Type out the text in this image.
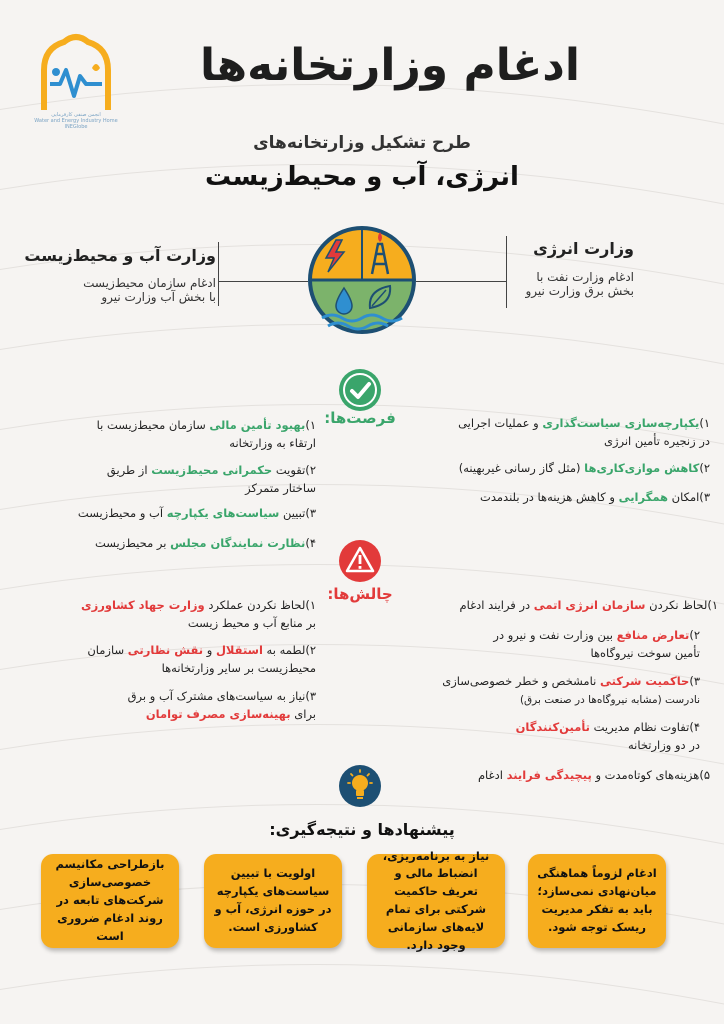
انجمن صنفی کارفرمایی
Water and Energy Industry Home INEGlobe
ادغام وزارتخانه‌ها
طرح تشکیل وزارتخانه‌های
انرژی، آب و محیط‌زیست
وزارت انرژی
ادغام وزارت نفت با
بخش برق وزارت نیرو
وزارت آب و محیط‌زیست
ادغام سازمان محیط‌زیست
با بخش آب وزارت نیرو
فرصت‌ها:	۱)یکپارچه‌سازی سیاست‌گذاری و عملیات اجرایی
در زنجیره تأمین انرژی
۲)کاهش موازی‌کاری‌ها (مثل گاز رسانی غیربهینه)
۳)امکان همگرایی و کاهش هزینه‌ها در بلندمدت
۱)بهبود تأمین مالی سازمان محیط‌زیست با
ارتقاء به وزارتخانه
۲)تقویت حکمرانی محیط‌زیست از طریق
ساختار متمرکز
۳)تبیین سیاست‌های یکپارچه آب و محیط‌زیست
۴)نظارت نمایندگان مجلس بر محیط‌زیست
چالش‌ها:
۱)لحاظ نکردن سازمان انرژی اتمی در فرایند ادغام
۲)تعارض منافع بین وزارت نفت و نیرو در
تأمین سوخت نیروگاه‌ها
۳)حاکمیت شرکتی نامشخص و خطر خصوصی‌سازی
نادرست (مشابه نیروگاه‌ها در صنعت برق)
۴)تفاوت نظام مدیریت تأمین‌کنندگان
در دو وزارتخانه
۵)هزینه‌های کوتاه‌مدت و پیچیدگی فرایند ادغام
۱)لحاظ نکردن عملکرد وزارت جهاد کشاورزی
بر منابع آب و محیط زیست
۲)لطمه به استقلال و نقش نظارتی سازمان
محیط‌زیست بر سایر وزارتخانه‌ها
۳)نیاز به سیاست‌های مشترک آب و برق
برای بهینه‌سازی مصرف توامان
پیشنهادها و نتیجه‌گیری:
ادغام لزوماً هماهنگی میان‌نهادی نمی‌سازد؛ باید به تفکر مدیریت ریسک توجه شود.
نیاز به برنامه‌ریزی، انضباط مالی و تعریف حاکمیت شرکتی برای تمام لایه‌های سازمانی وجود دارد.
اولویت با تبیین سیاست‌های یکپارچه در حوزه انرژی، آب و کشاورزی است.
بازطراحی مکانیسم خصوصی‌سازی شرکت‌های تابعه در روند ادغام ضروری است
